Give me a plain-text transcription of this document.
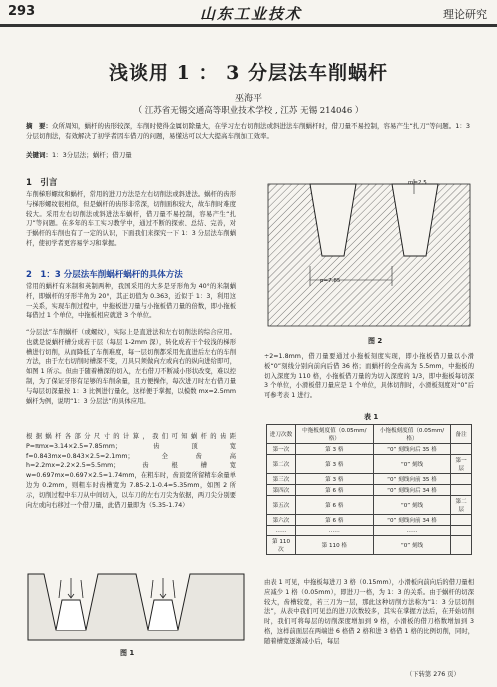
293	山东工业技术	理论研究
浅谈用 1 ： 3 分层法车削蜗杆
巫海平
（ 江苏省无锡交通高等职业技术学校 , 江苏 无锡 214046 ）
摘　要：众所周知，蜗杆的齿形较深，车削时使得金属切除量大，在学习左右切削法或斜进法车削蜗杆时，借刀量不易控制，容易产生“扎刀”等问题。1：3分层切削法，有效解决了初学者因车借刀的问题，易懂达可以大大提高车削加工效率。
关键词：1：3分层法；蜗杆；借刀量
1　引言
车削梯形螺纹和蜗杆，常用的进刀方法是左右切削法或斜进法。蜗杆的齿形与梯形螺纹很相似，但是蜗杆的齿形非常深，切削面积较大，故车削时难度较大。采用左右切削法或斜进法车蜗杆，借刀量不易控制，容易产生“扎刀”等问题。在多年的车工实习教学中，通过不断的探索、总结、完善，对于蜗杆的车削也有了一定的认识，下面我们来探究一下 1：3 分层法车削蜗杆，使初学者更容易学习和掌握。
2　1：3 分层法车削蜗杆蜗杆的具体方法
常用的蜗杆有米制和英制两种，我国采用的大多是牙形角为 40°的米制蜗杆，即蜗杆的牙形半角为 20°，其正切值为 0.363，近似于 1：3，利用这一关系，实现车削过程中，中拖板进刀量与小拖板借刀量的倍数，即小拖板每借过 1 个单位，中拖板相应就进 3 个单位。
“分层法”车削蜗杆（或螺纹），实际上是直进法和左右切削法的综合应用。也就是说蜗杆槽分成若干层（每层 1-2mm 深），转化成若干个较浅的梯形槽进行切削，从而降低了车削难度，每一层切削都采用先直进后左右的车削方法，由于左右切削时槽深不变，刀具只须做向左或向右的纵向进给即可，如图 1 所示。但由于随着槽深的切入，左右借刀不断减小形状改变，难以控制，为了保证牙形有足够的车削余量，且方便操作，每次进刀时左右借刀量与每层切深量按 1：3 比例进行量化，这样便于掌握，以模数 mx=2.5mm 蜗杆为例，说明“1：3 分层法”的具体应用。
根据蜗杆各部分尺寸的计算，我们可知蜗杆的齿距 P=πmx=3.14×2.5=7.85mm；齿顶宽 f=0.843mx=0.843×2.5=2.1mm；全齿高 h=2.2mx=2.2×2.5=5.5mm；齿根槽宽 w=0.697mx=0.697×2.5=1.74mm，在粗车时，齿顶宽所留精车余量单边为 0.2mm，则粗车时齿槽宽为 7.85-2.1-0.4=5.35mm，如图 2 所示，切削过程中车刀从中间切入，以车刀的左右刀尖为依据，两刀尖分别要向左或向右移过一个借刀量，此借刀量即为（5.35-1.74）
图 1
m=2.5
p=7.85
图 2
÷2=1.8mm，借刀量要通过小拖板刻度实现，即小拖板借刀量以小滑板“0”刻线分别向前向后借 36 格；而蜗杆的全齿高为 5.5mm，中拖板的切入深度为 110 格，小拖板借刀量的为切入深度的 1/3，即中拖板每切深 3 个单位，小滑板借刀量应是 1 个单位，具体切削时，小滑板刻度对“0”后可参考表 1 进行。
表 1
进刀次数	中拖板刻度值（0.05mm/ 格）	小拖板刻度值（0.05mm/ 格）	备注
第一次	第 3 格	“0” 刻线向后 35 格	
第二次	第 3 格	“0” 刻线	第一层
第三次	第 3 格	“0” 刻线向前 35 格	
第四次	第 6 格	“0” 刻线向后 34 格	
第五次	第 6 格	“0” 刻线	第二层
第六次	第 6 格	“0” 刻线向前 34 格	
……	……	……	
第 110 次	第 110 格	“0” 刻线	
由表 1 可见，中拖板每进刀 3 格（0.15mm），小滑板向前向后的借刀量相应减少 1 格（0.05mm），即进刀一格，为 1：3 的关系。由于蜗杆的切深较大，齿槽较宽，若三刀为一层，那此这种切削方法称为“1：3 分层切削法”，从表中我们可见总的进刀次数较多，其实在掌握方法后，在开始切削时，我们可将每层的切削深度增加到 9 格，小滑板的借刀格数增加到 3 格，这样前面层在两端进 6 格借 2 格和进 3 格借 1 格的比例切削，同时，随着槽宽逐渐减小后，每层
（下转第 276 页）
